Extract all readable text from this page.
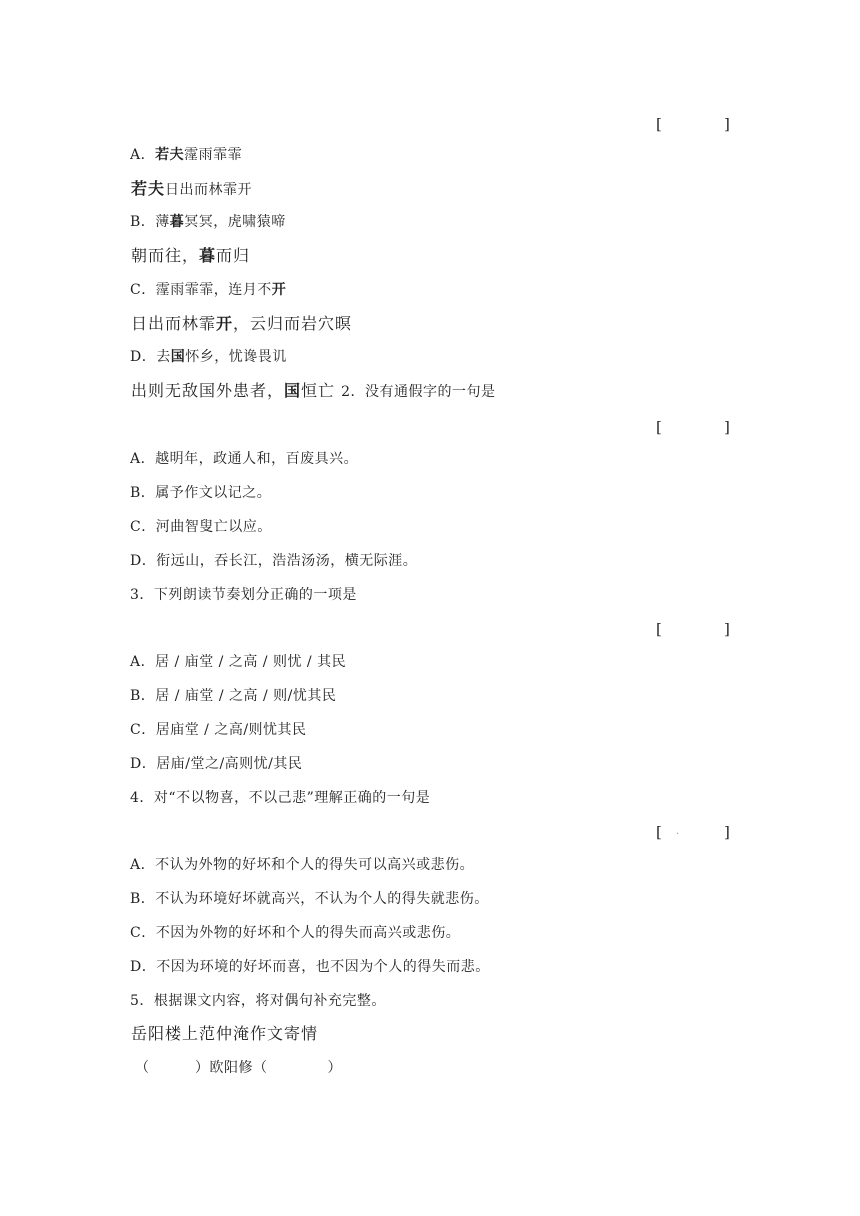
[	]
A．若夫霪雨霏霏
若夫日出而林霏开
B．薄暮冥冥，虎啸猿啼
朝而往，暮而归
C．霪雨霏霏，连月不开
日出而林霏开，云归而岩穴暝
D．去国怀乡，忧谗畏讥
出则无敌国外患者，国恒亡 2．没有通假字的一句是
[	]
A．越明年，政通人和，百废具兴。
B．属予作文以记之。
C．河曲智叟亡以应。
D．衔远山，吞长江，浩浩汤汤，横无际涯。
3．下列朗读节奏划分正确的一项是
[	]
A．居 / 庙堂 / 之高 / 则忧 / 其民
B．居 / 庙堂 / 之高 / 则/忧其民
C．居庙堂 / 之高/则忧其民
D．居庙/堂之/高则忧/其民
4．对“不以物喜，不以己悲”理解正确的一句是
[ .	]
A．不认为外物的好坏和个人的得失可以高兴或悲伤。
B．不认为环境好坏就高兴，不认为个人的得失就悲伤。
C．不因为外物的好坏和个人的得失而高兴或悲伤。
D．不因为环境的好坏而喜，也不因为个人的得失而悲。
5．根据课文内容，将对偶句补充完整。
岳阳楼上范仲淹作文寄情
（	）欧阳修（	）
